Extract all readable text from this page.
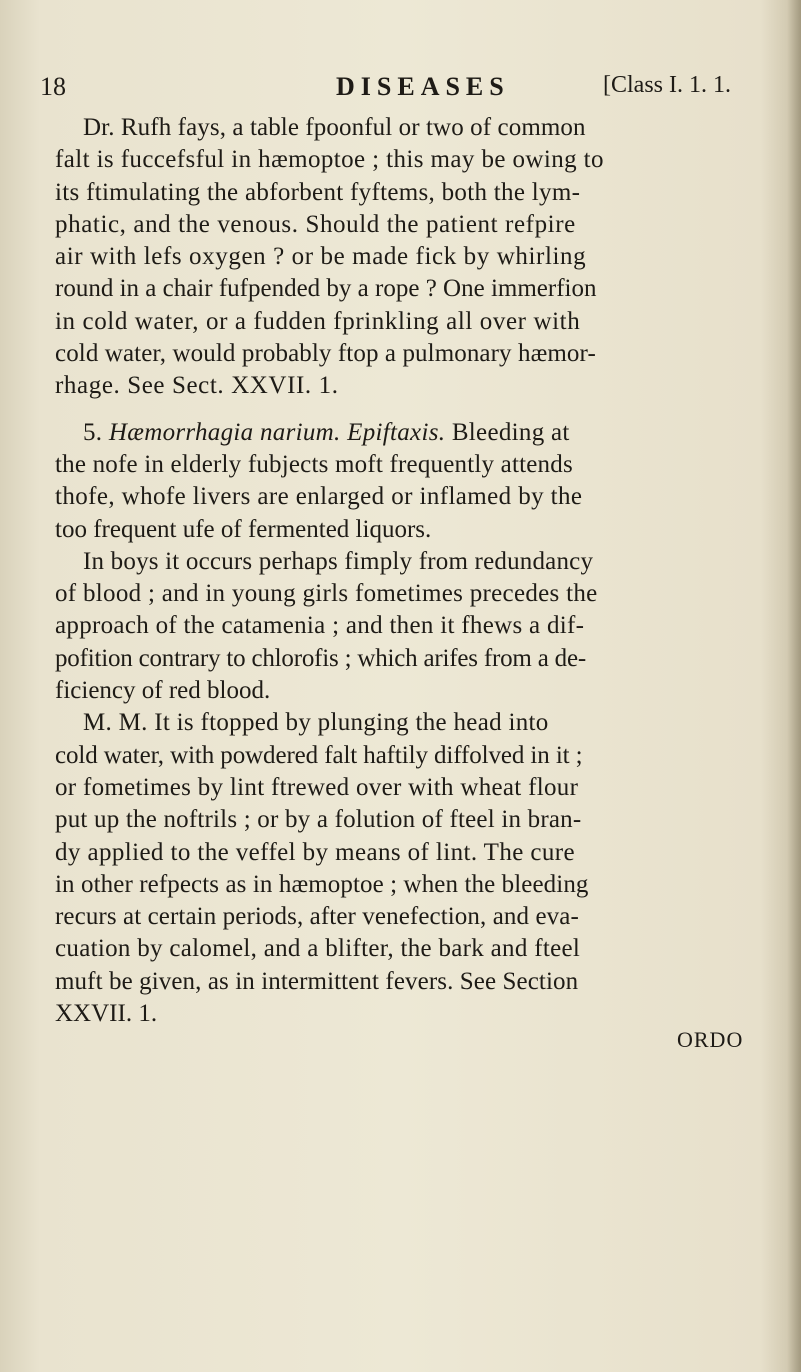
18	DISEASES	[Class I. 1. 1.
Dr. Rufh fays, a table fpoonful or two of common
falt is fuccefsful in hæmoptoe ; this may be owing to
its ftimulating the abforbent fyftems, both the lym-
phatic, and the venous. Should the patient refpire
air with lefs oxygen ? or be made fick by whirling
round in a chair fufpended by a rope ? One immerfion
in cold water, or a fudden fprinkling all over with
cold water, would probably ftop a pulmonary hæmor-
rhage. See Sect. XXVII. 1.
5. Hæmorrhagia narium. Epiftaxis. Bleeding at
the nofe in elderly fubjects moft frequently attends
thofe, whofe livers are enlarged or inflamed by the
too frequent ufe of fermented liquors.
In boys it occurs perhaps fimply from redundancy
of blood ; and in young girls fometimes precedes the
approach of the catamenia ; and then it fhews a dif-
pofition contrary to chlorofis ; which arifes from a de-
ficiency of red blood.
M. M. It is ftopped by plunging the head into
cold water, with powdered falt haftily diffolved in it ;
or fometimes by lint ftrewed over with wheat flour
put up the noftrils ; or by a folution of fteel in bran-
dy applied to the veffel by means of lint. The cure
in other refpects as in hæmoptoe ; when the bleeding
recurs at certain periods, after venefection, and eva-
cuation by calomel, and a blifter, the bark and fteel
muft be given, as in intermittent fevers. See Section
XXVII. 1.
ORDO
